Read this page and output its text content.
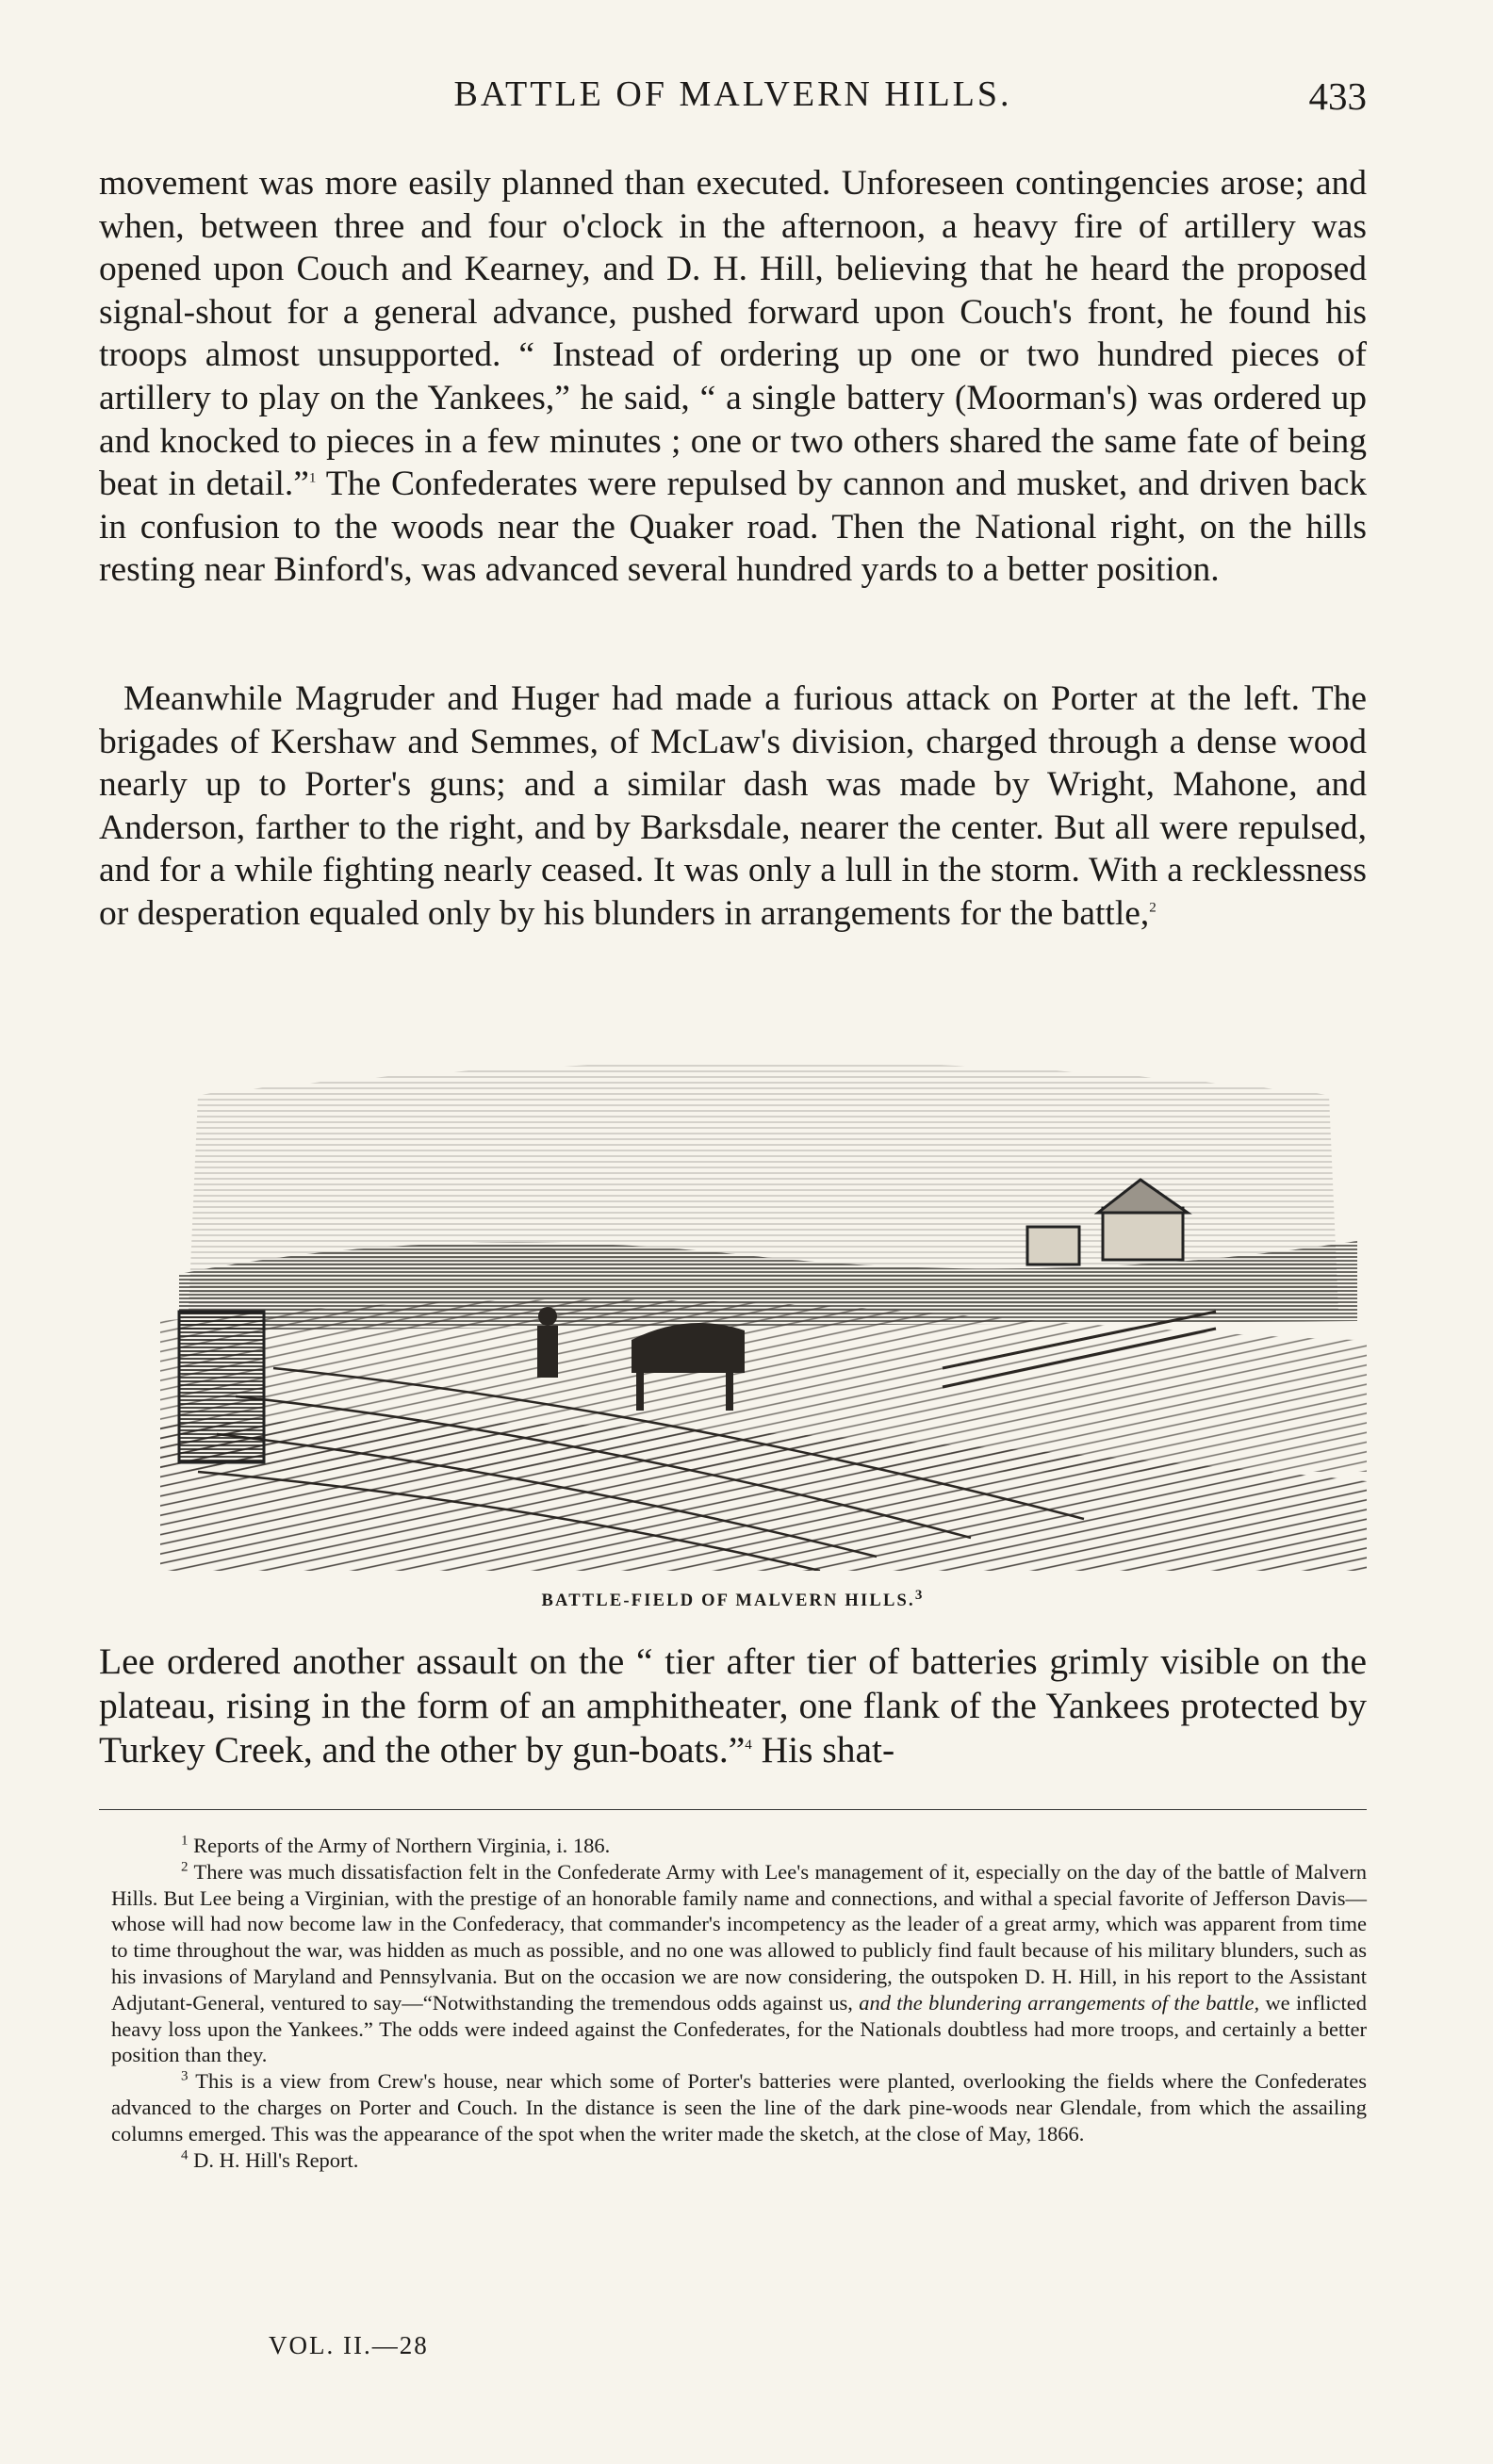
BATTLE OF MALVERN HILLS.	433

movement was more easily planned than executed. Unforeseen contingencies arose; and when, between three and four o'clock in the afternoon, a heavy fire of artillery was opened upon Couch and Kearney, and D. H. Hill, believing that he heard the proposed signal-shout for a general advance, pushed forward upon Couch's front, he found his troops almost unsupported. “ Instead of ordering up one or two hundred pieces of artillery to play on the Yankees,” he said, “ a single battery (Moorman's) was ordered up and knocked to pieces in a few minutes ; one or two others shared the same fate of being beat in detail.”$^1$ The Confederates were repulsed by cannon and musket, and driven back in confusion to the woods near the Quaker road. Then the National right, on the hills resting near Binford's, was advanced several hundred yards to a better position.

Meanwhile Magruder and Huger had made a furious attack on Porter at the left. The brigades of Kershaw and Semmes, of McLaw's division, charged through a dense wood nearly up to Porter's guns; and a similar dash was made by Wright, Mahone, and Anderson, farther to the right, and by Barksdale, nearer the center. But all were repulsed, and for a while fighting nearly ceased. It was only a lull in the storm. With a recklessness or desperation equaled only by his blunders in arrangements for the battle,$^2$

BATTLE-FIELD OF MALVERN HILLS.$^3$

Lee ordered another assault on the “ tier after tier of batteries grimly visible on the plateau, rising in the form of an amphitheater, one flank of the Yankees protected by Turkey Creek, and the other by gun-boats.”$^4$ His shat-

$^1$ Reports of the Army of Northern Virginia, i. 186.

$^2$ There was much dissatisfaction felt in the Confederate Army with Lee's management of it, especially on the day of the battle of Malvern Hills. But Lee being a Virginian, with the prestige of an honorable family name and connections, and withal a special favorite of Jefferson Davis—whose will had now become law in the Confederacy, that commander's incompetency as the leader of a great army, which was apparent from time to time throughout the war, was hidden as much as possible, and no one was allowed to publicly find fault because of his military blunders, such as his invasions of Maryland and Pennsylvania. But on the occasion we are now considering, the outspoken D. H. Hill, in his report to the Assistant Adjutant-General, ventured to say—“Notwithstanding the tremendous odds against us, and the blundering arrangements of the battle, we inflicted heavy loss upon the Yankees.” The odds were indeed against the Confederates, for the Nationals doubtless had more troops, and certainly a better position than they.

$^3$ This is a view from Crew's house, near which some of Porter's batteries were planted, overlooking the fields where the Confederates advanced to the charges on Porter and Couch. In the distance is seen the line of the dark pine-woods near Glendale, from which the assailing columns emerged. This was the appearance of the spot when the writer made the sketch, at the close of May, 1866.

$^4$ D. H. Hill's Report.

VOL. II.—28
